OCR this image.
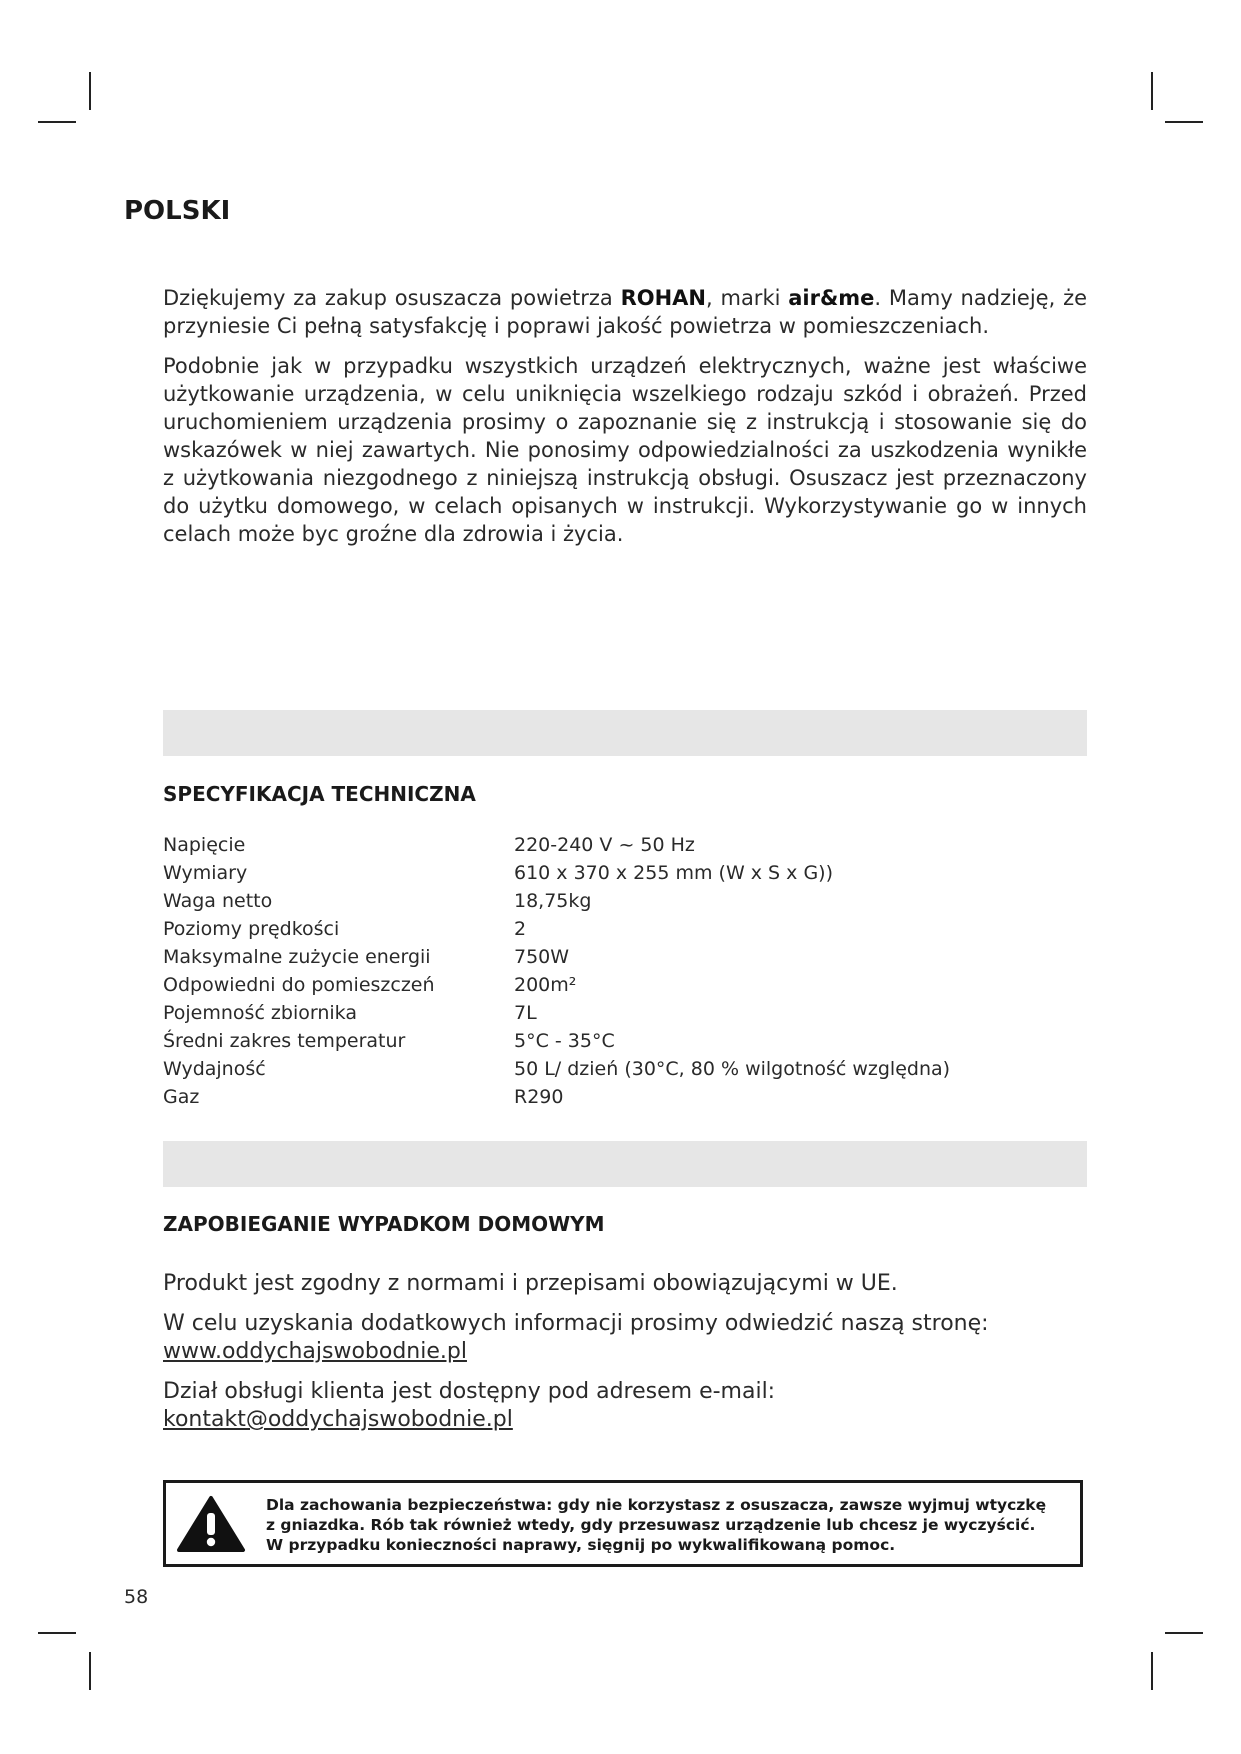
POLSKI

Dziękujemy za zakup osuszacza powietrza ROHAN, marki air&me. Mamy nadzieję, że przyniesie Ci pełną satysfakcję i poprawi jakość powietrza w pomieszczeniach.

Podobnie jak w przypadku wszystkich urządzeń elektrycznych, ważne jest właściwe użytkowanie urządzenia, w celu uniknięcia wszelkiego rodzaju szkód i obrażeń. Przed uruchomieniem urządzenia prosimy o zapoznanie się z instrukcją i stosowanie się do wskazówek w niej zawartych. Nie ponosimy odpowiedzialności za uszkodzenia wynikłe z użytkowania niezgodnego z niniejszą instrukcją obsługi. Osuszacz jest przeznaczony do użytku domowego, w celach opisanych w instrukcji. Wykorzystywanie go w innych celach może byc groźne dla zdrowia i życia.

SPECYFIKACJA TECHNICZNA
Napięcie	220-240 V ~ 50 Hz
Wymiary	610 x 370 x 255 mm (W x S x G))
Waga netto	18,75kg
Poziomy prędkości	2
Maksymalne zużycie energii	750W
Odpowiedni do pomieszczeń	200m²
Pojemność zbiornika	7L
Średni zakres temperatur	5°C - 35°C
Wydajność	50 L/ dzień (30°C, 80 % wilgotność względna)
Gaz	R290
ZAPOBIEGANIE WYPADKOM DOMOWYM

Produkt jest zgodny z normami i przepisami obowiązującymi w UE.

W celu uzyskania dodatkowych informacji prosimy odwiedzić naszą stronę:
www.oddychajswobodnie.pl

Dział obsługi klienta jest dostępny pod adresem e-mail:
kontakt@oddychajswobodnie.pl

Dla zachowania bezpieczeństwa: gdy nie korzystasz z osuszacza, zawsze wyjmuj wtyczkę
z gniazdka. Rób tak również wtedy, gdy przesuwasz urządzenie lub chcesz je wyczyścić.
W przypadku konieczności naprawy, sięgnij po wykwalifikowaną pomoc.
58
